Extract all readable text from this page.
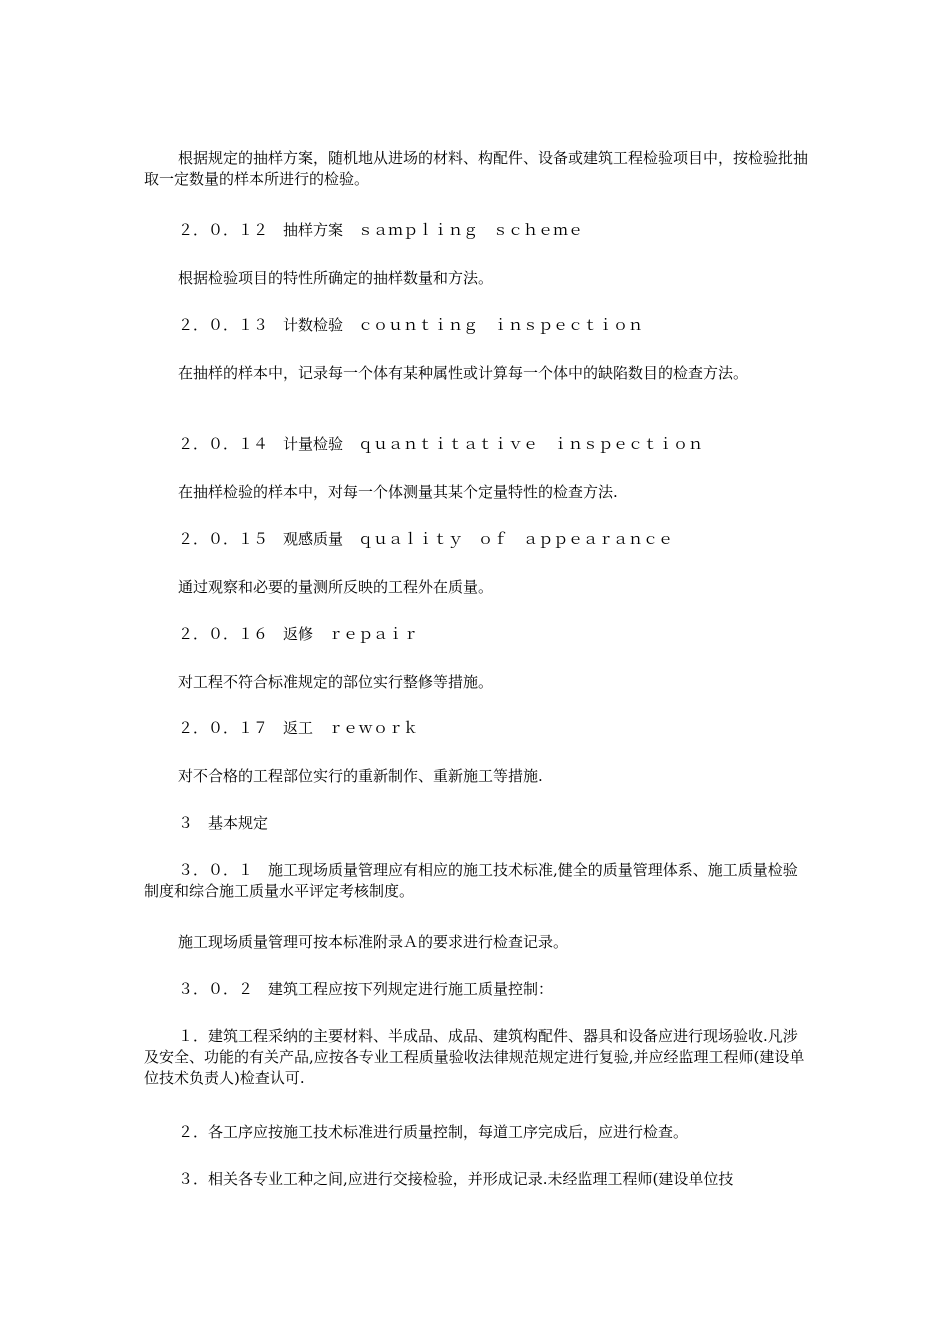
根据规定的抽样方案，随机地从进场的材料、构配件、设备或建筑工程检验项目中，按检验批抽取一定数量的样本所进行的检验。

２．０．１２　抽样方案　ｓａｍｐｌｉｎｇ　ｓｃｈｅｍｅ

根据检验项目的特性所确定的抽样数量和方法。

２．０．１３　计数检验　ｃｏｕｎｔｉｎｇ　ｉｎｓｐｅｃｔｉｏｎ

在抽样的样本中，记录每一个体有某种属性或计算每一个体中的缺陷数目的检查方法。

２．０．１４　计量检验　ｑｕａｎｔｉｔａｔｉｖｅ　ｉｎｓｐｅｃｔｉｏｎ

在抽样检验的样本中，对每一个体测量其某个定量特性的检查方法.

２．０．１５　观感质量　ｑｕａｌｉｔｙ　ｏｆ　ａｐｐｅａｒａｎｃｅ

通过观察和必要的量测所反映的工程外在质量。

２．０．１６　返修　ｒｅｐａｉｒ

对工程不符合标准规定的部位实行整修等措施。

２．０．１７　返工　ｒｅｗｏｒｋ

对不合格的工程部位实行的重新制作、重新施工等措施.

３　基本规定

３．０．１　施工现场质量管理应有相应的施工技术标准,健全的质量管理体系、施工质量检验制度和综合施工质量水平评定考核制度。

施工现场质量管理可按本标准附录Ａ的要求进行检查记录。

３．０．２　建筑工程应按下列规定进行施工质量控制：

１．建筑工程采纳的主要材料、半成品、成品、建筑构配件、器具和设备应进行现场验收.凡涉及安全、功能的有关产品,应按各专业工程质量验收法律规范规定进行复验,并应经监理工程师(建设单位技术负责人)检查认可.

２．各工序应按施工技术标准进行质量控制，每道工序完成后，应进行检查。

３．相关各专业工种之间,应进行交接检验，并形成记录.未经监理工程师(建设单位技
